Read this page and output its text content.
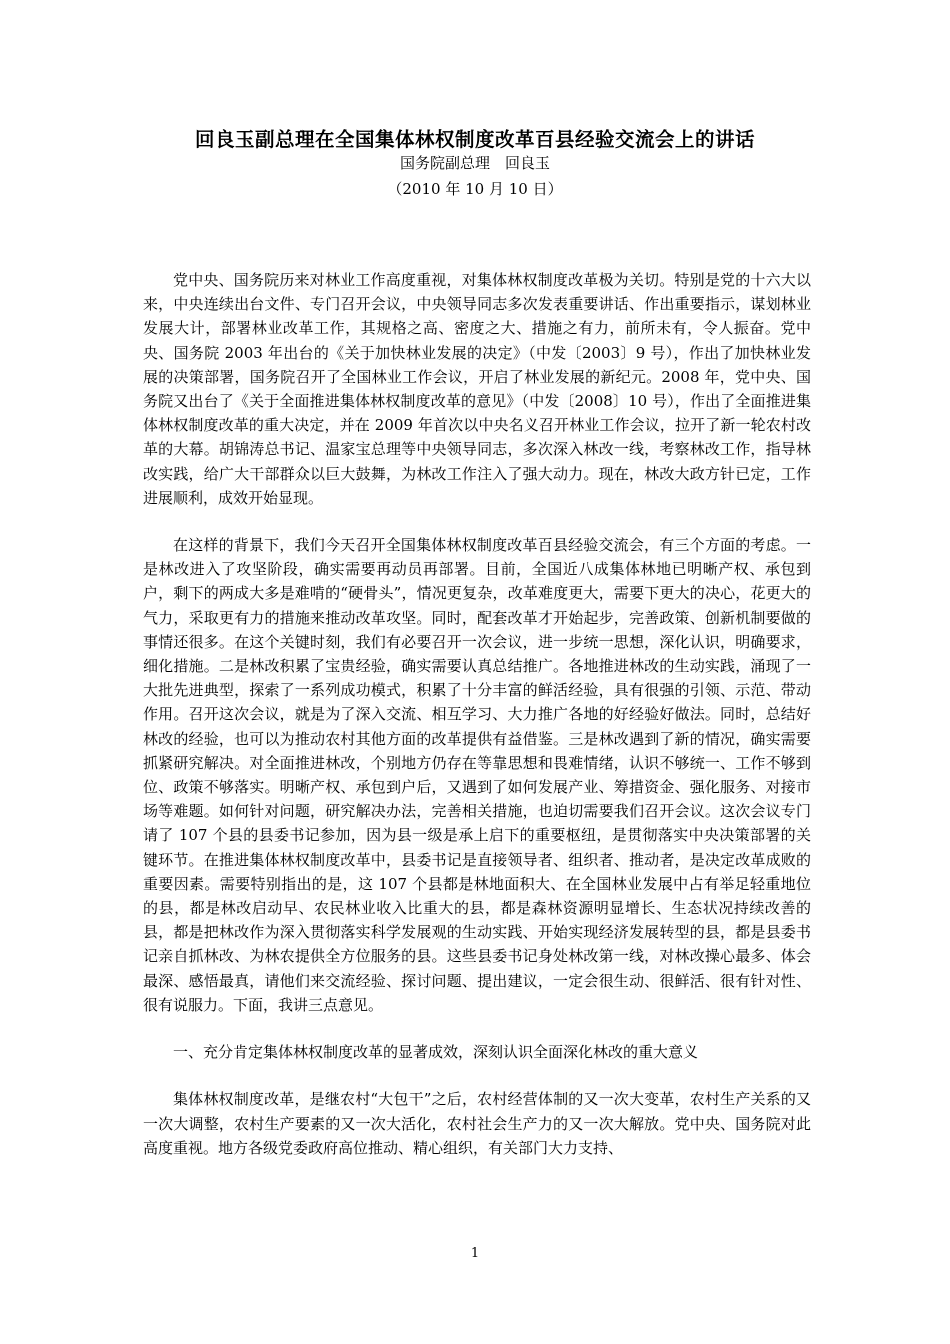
回良玉副总理在全国集体林权制度改革百县经验交流会上的讲话
国务院副总理　回良玉
（2010 年 10 月 10 日）

党中央、国务院历来对林业工作高度重视，对集体林权制度改革极为关切。特别是党的十六大以来，中央连续出台文件、专门召开会议，中央领导同志多次发表重要讲话、作出重要指示，谋划林业发展大计，部署林业改革工作，其规格之高、密度之大、措施之有力，前所未有，令人振奋。党中央、国务院 2003 年出台的《关于加快林业发展的决定》（中发〔2003〕9 号），作出了加快林业发展的决策部署，国务院召开了全国林业工作会议，开启了林业发展的新纪元。2008 年，党中央、国务院又出台了《关于全面推进集体林权制度改革的意见》（中发〔2008〕10 号），作出了全面推进集体林权制度改革的重大决定，并在 2009 年首次以中央名义召开林业工作会议，拉开了新一轮农村改革的大幕。胡锦涛总书记、温家宝总理等中央领导同志，多次深入林改一线，考察林改工作，指导林改实践，给广大干部群众以巨大鼓舞，为林改工作注入了强大动力。现在，林改大政方针已定，工作进展顺利，成效开始显现。

在这样的背景下，我们今天召开全国集体林权制度改革百县经验交流会，有三个方面的考虑。一是林改进入了攻坚阶段，确实需要再动员再部署。目前，全国近八成集体林地已明晰产权、承包到户，剩下的两成大多是难啃的“硬骨头”，情况更复杂，改革难度更大，需要下更大的决心，花更大的气力，采取更有力的措施来推动改革攻坚。同时，配套改革才开始起步，完善政策、创新机制要做的事情还很多。在这个关键时刻，我们有必要召开一次会议，进一步统一思想，深化认识，明确要求，细化措施。二是林改积累了宝贵经验，确实需要认真总结推广。各地推进林改的生动实践，涌现了一大批先进典型，探索了一系列成功模式，积累了十分丰富的鲜活经验，具有很强的引领、示范、带动作用。召开这次会议，就是为了深入交流、相互学习、大力推广各地的好经验好做法。同时，总结好林改的经验，也可以为推动农村其他方面的改革提供有益借鉴。三是林改遇到了新的情况，确实需要抓紧研究解决。对全面推进林改，个别地方仍存在等靠思想和畏难情绪，认识不够统一、工作不够到位、政策不够落实。明晰产权、承包到户后，又遇到了如何发展产业、筹措资金、强化服务、对接市场等难题。如何针对问题，研究解决办法，完善相关措施，也迫切需要我们召开会议。这次会议专门请了 107 个县的县委书记参加，因为县一级是承上启下的重要枢纽，是贯彻落实中央决策部署的关键环节。在推进集体林权制度改革中，县委书记是直接领导者、组织者、推动者，是决定改革成败的重要因素。需要特别指出的是，这 107 个县都是林地面积大、在全国林业发展中占有举足轻重地位的县，都是林改启动早、农民林业收入比重大的县，都是森林资源明显增长、生态状况持续改善的县，都是把林改作为深入贯彻落实科学发展观的生动实践、开始实现经济发展转型的县，都是县委书记亲自抓林改、为林农提供全方位服务的县。这些县委书记身处林改第一线，对林改操心最多、体会最深、感悟最真，请他们来交流经验、探讨问题、提出建议，一定会很生动、很鲜活、很有针对性、很有说服力。下面，我讲三点意见。

一、充分肯定集体林权制度改革的显著成效，深刻认识全面深化林改的重大意义

集体林权制度改革，是继农村“大包干”之后，农村经营体制的又一次大变革，农村生产关系的又一次大调整，农村生产要素的又一次大活化，农村社会生产力的又一次大解放。党中央、国务院对此高度重视。地方各级党委政府高位推动、精心组织，有关部门大力支持、

1
